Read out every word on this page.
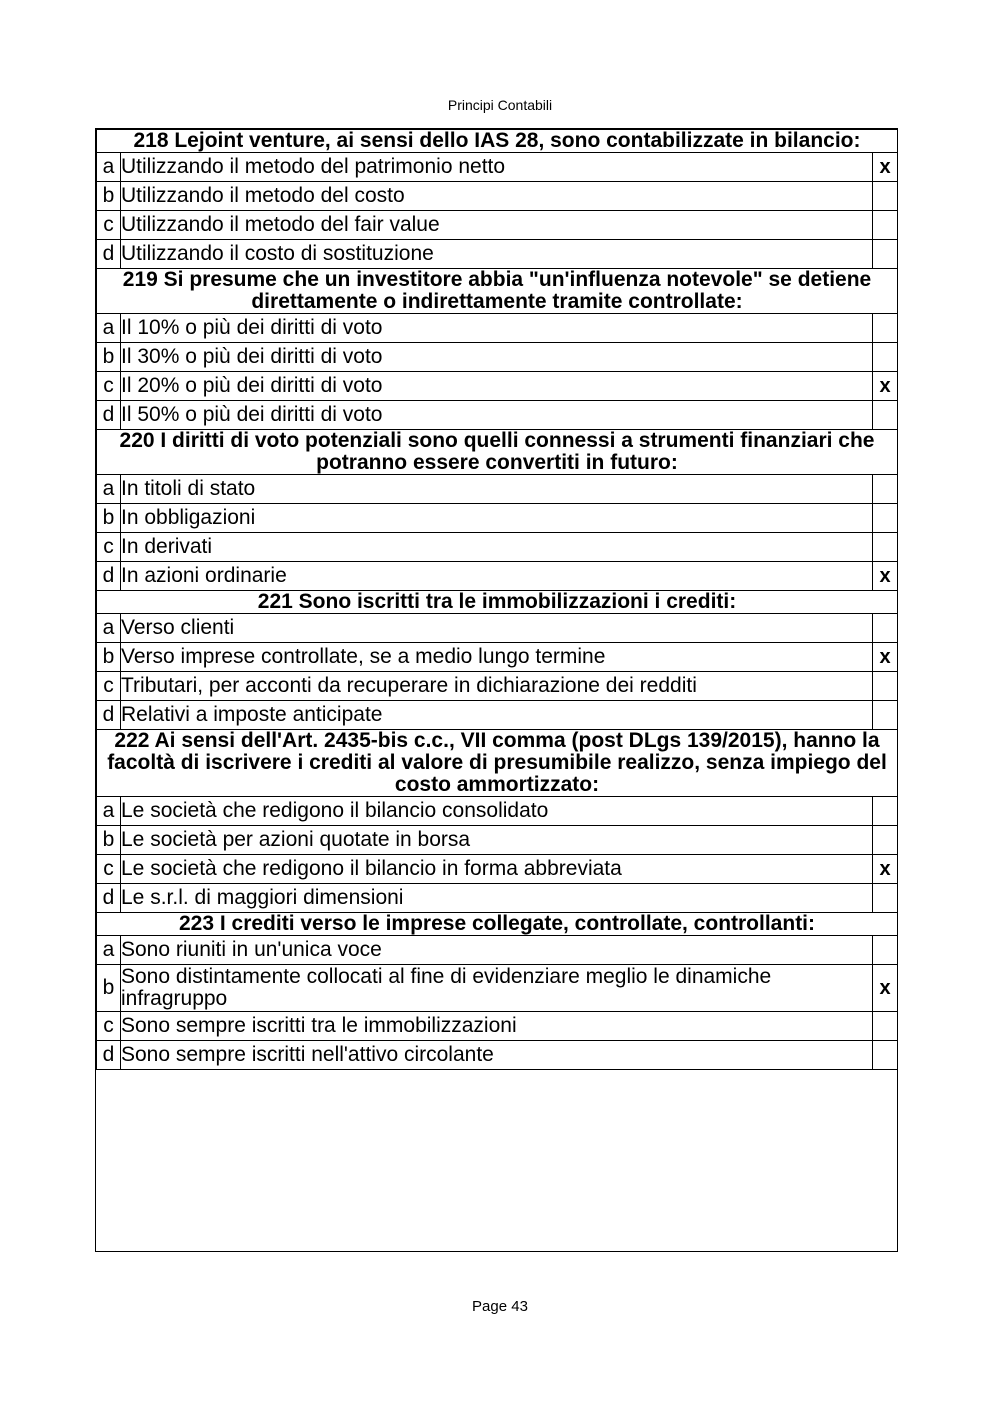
Principi Contabili
218 Lejoint venture, ai sensi dello IAS 28, sono contabilizzate in bilancio:		
a	Utilizzando il metodo del patrimonio netto	x
b	Utilizzando il metodo del costo	
c	Utilizzando il metodo del fair value	
d	Utilizzando il costo di sostituzione	
219 Si presume che un investitore abbia "un'influenza notevole" se detiene direttamente o indirettamente tramite controllate:		
a	Il 10% o più dei diritti di voto	
b	Il 30% o più dei diritti di voto	
c	Il 20% o più dei diritti di voto	x
d	Il 50% o più dei diritti di voto	
220 I diritti di voto potenziali sono quelli connessi a strumenti finanziari che potranno essere convertiti in futuro:		
a	In titoli di stato	
b	In obbligazioni	
c	In derivati	
d	In azioni ordinarie	x
221 Sono iscritti tra le immobilizzazioni i crediti:		
a	Verso clienti	
b	Verso imprese controllate, se a medio lungo termine	x
c	Tributari, per acconti da recuperare in dichiarazione dei redditi	
d	Relativi a imposte anticipate	
222 Ai sensi dell'Art. 2435-bis c.c., VII comma (post DLgs 139/2015), hanno la facoltà di iscrivere i crediti al valore di presumibile realizzo, senza impiego del costo ammortizzato:		
a	Le società che redigono il bilancio consolidato	
b	Le società per azioni quotate in borsa	
c	Le società che redigono il bilancio in forma abbreviata	x
d	Le s.r.l. di maggiori dimensioni	
223 I crediti verso le imprese collegate, controllate, controllanti:		
a	Sono riuniti in un'unica voce	
b	Sono distintamente collocati al fine di evidenziare meglio le dinamiche infragruppo	x
c	Sono sempre iscritti tra le immobilizzazioni	
d	Sono sempre iscritti nell'attivo circolante	
Page 43
